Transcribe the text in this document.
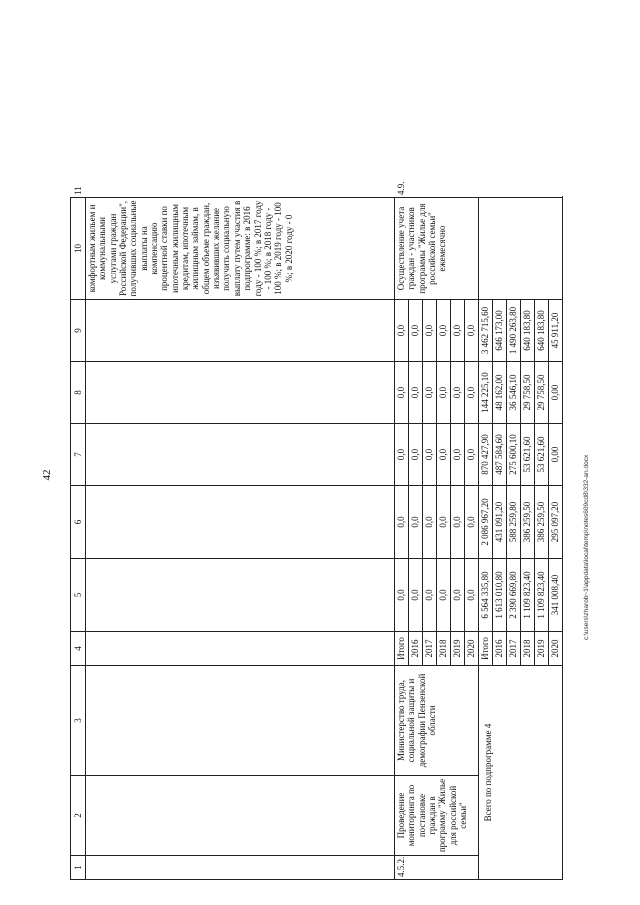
42
1	2	3	4	5	6	7	8	9	10	11
									комфортным жильем и коммунальными услугами граждан Российской Федерации", получивших социальные выплаты на компенсацию процентной ставки по ипотечным жилищным кредитам, ипотечным жилищным займам, в общем объеме граждан, изъявивших желание получить социальную выплату путем участия в подпрограмме: в 2016 году - 100 %; в 2017 году - 100 %; в 2018 году - 100 %; в 2019 году - 100 %; в 2020 году - 0	
4.5.2.	Проведение мониторинга по постановке граждан в программу "Жилье для российской семьи"	Министерство труда, социальной защиты и демографии Пензенской области	Итого	0,0	0,0	0,0	0,0	0,0	Осуществление учета граждан - участников программы "Жилье для российской семьи" ежемесячно	4.9.
			2016	0,0	0,0	0,0	0,0	0,0		
			2017	0,0	0,0	0,0	0,0	0,0		
			2018	0,0	0,0	0,0	0,0	0,0		
			2019	0,0	0,0	0,0	0,0	0,0		
			2020	0,0	0,0	0,0	0,0	0,0		
Всего по подпрограмме 4			Итого	6 564 335,80	2 086 967,20	870 427,90	144 225,10	3 462 715,60		
			2016	1 613 010,80	431 091,20	487 584,60	48 162,00	646 173,00		
			2017	2 390 669,80	588 259,80	275 600,10	36 546,10	1 490 263,80		
			2018	1 109 823,40	386 259,50	53 621,60	29 758,50	640 183,80		
			2019	1 109 823,40	386 259,50	53 621,60	29 758,50	640 183,80		
			2020	341 008,40	295 097,20	0,00	0,00	45 911,20		
c:\users\zharob~1\appdata\local\temp\notes609cd8\332-an.docx
